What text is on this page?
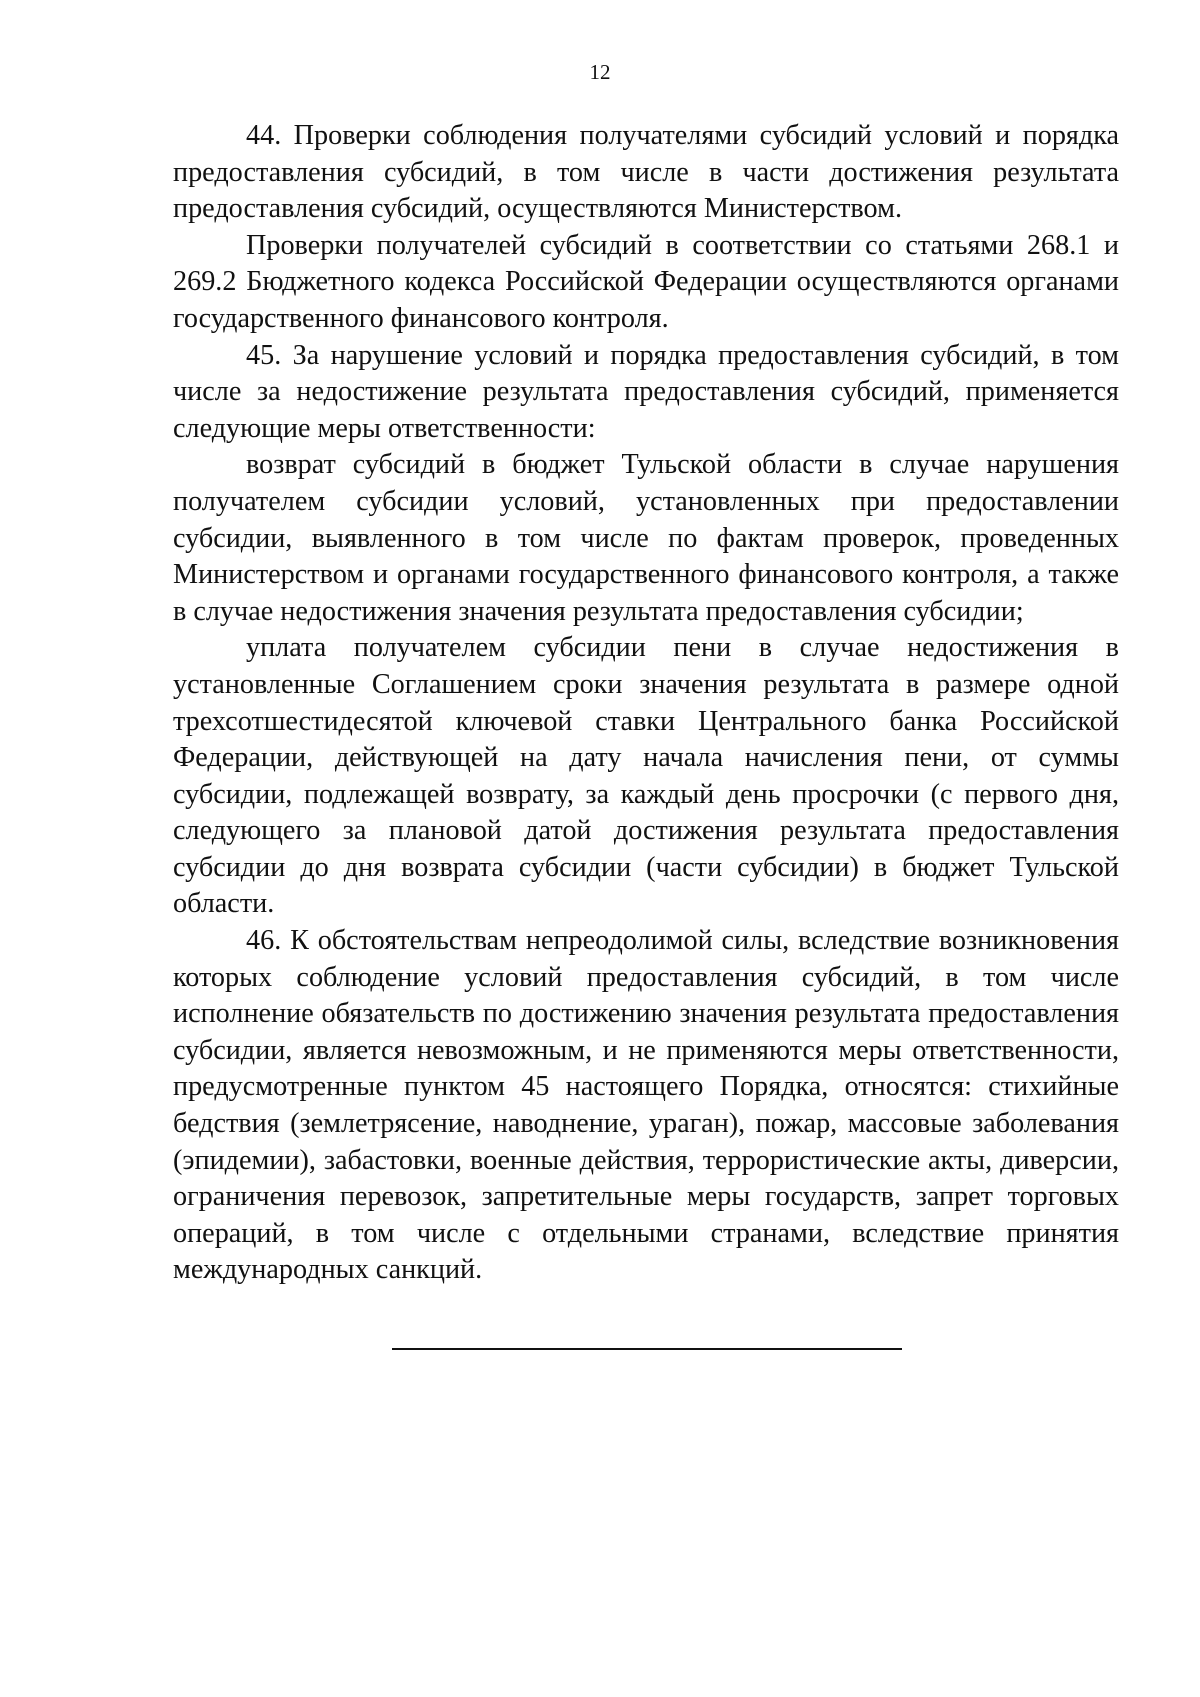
12

44. Проверки соблюдения получателями субсидий условий и порядка предоставления субсидий, в том числе в части достижения результата предоставления субсидий, осуществляются Министерством.

Проверки получателей субсидий в соответствии со статьями 268.1 и 269.2 Бюджетного кодекса Российской Федерации осуществляются органами государственного финансового контроля.

45. За нарушение условий и порядка предоставления субсидий, в том числе за недостижение результата предоставления субсидий, применяется следующие меры ответственности:

возврат субсидий в бюджет Тульской области в случае нарушения получателем субсидии условий, установленных при предоставлении субсидии, выявленного в том числе по фактам проверок, проведенных Министерством и органами государственного финансового контроля, а также в случае недостижения значения результата предоставления субсидии;

уплата получателем субсидии пени в случае недостижения в установленные Соглашением сроки значения результата в размере одной трехсотшестидесятой ключевой ставки Центрального банка Российской Федерации, действующей на дату начала начисления пени, от суммы субсидии, подлежащей возврату, за каждый день просрочки (с первого дня, следующего за плановой датой достижения результата предоставления субсидии до дня возврата субсидии (части субсидии) в бюджет Тульской области.

46. К обстоятельствам непреодолимой силы, вследствие возникновения которых соблюдение условий предоставления субсидий, в том числе исполнение обязательств по достижению значения результата предоставления субсидии, является невозможным, и не применяются меры ответственности, предусмотренные пунктом 45 настоящего Порядка, относятся: стихийные бедствия (землетрясение, наводнение, ураган), пожар, массовые заболевания (эпидемии), забастовки, военные действия, террористические акты, диверсии, ограничения перевозок, запретительные меры государств, запрет торговых операций, в том числе с отдельными странами, вследствие принятия международных санкций.
